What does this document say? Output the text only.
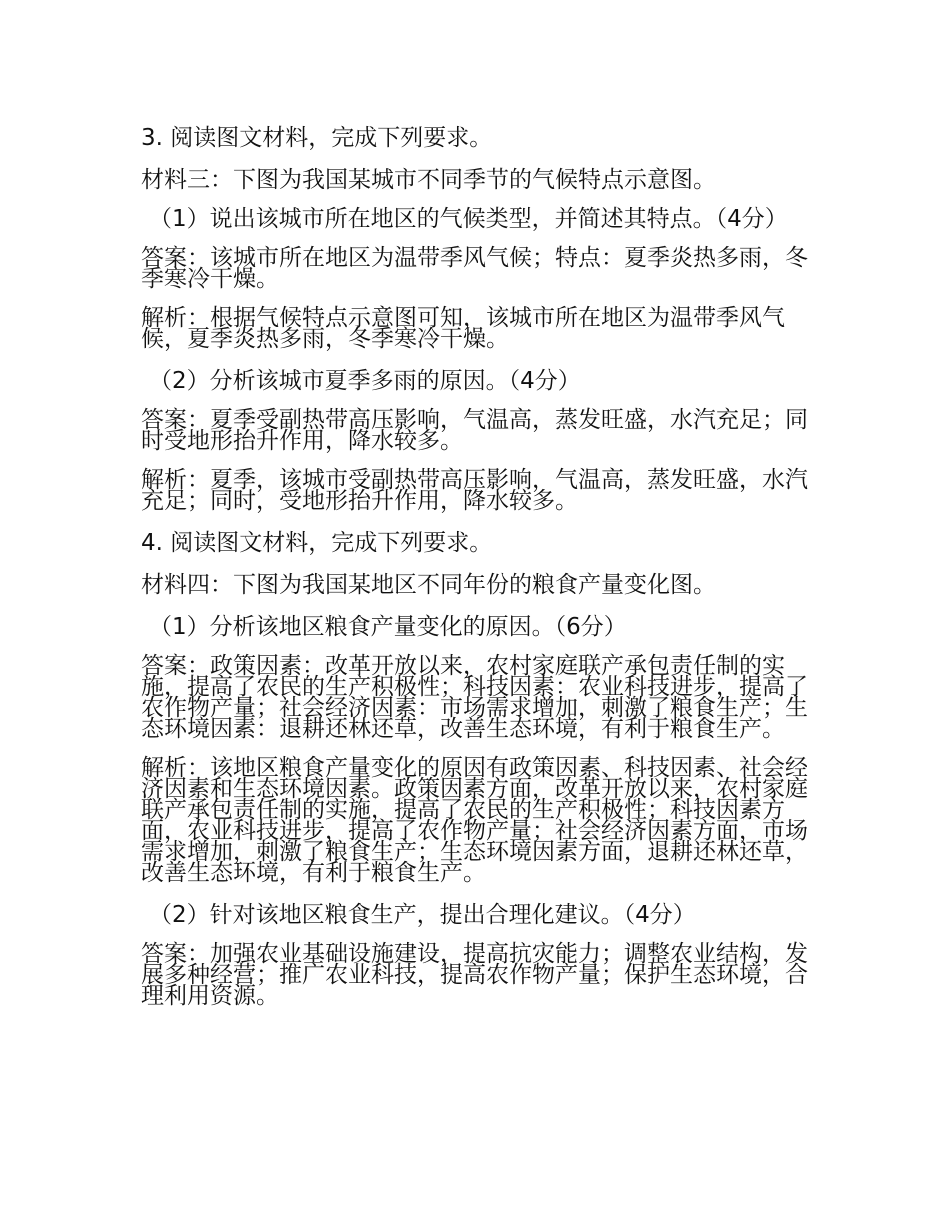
3. 阅读图文材料，完成下列要求。
材料三：下图为我国某城市不同季节的气候特点示意图。
（1）说出该城市所在地区的气候类型，并简述其特点。（4分）
答案：该城市所在地区为温带季风气候；特点：夏季炎热多雨，冬季寒冷干燥。
解析：根据气候特点示意图可知，该城市所在地区为温带季风气候，夏季炎热多雨，冬季寒冷干燥。
（2）分析该城市夏季多雨的原因。（4分）
答案：夏季受副热带高压影响，气温高，蒸发旺盛，水汽充足；同时受地形抬升作用，降水较多。
解析：夏季，该城市受副热带高压影响，气温高，蒸发旺盛，水汽充足；同时，受地形抬升作用，降水较多。
4. 阅读图文材料，完成下列要求。
材料四：下图为我国某地区不同年份的粮食产量变化图。
（1）分析该地区粮食产量变化的原因。（6分）
答案：政策因素：改革开放以来，农村家庭联产承包责任制的实施，提高了农民的生产积极性；科技因素：农业科技进步，提高了农作物产量；社会经济因素：市场需求增加，刺激了粮食生产；生态环境因素：退耕还林还草，改善生态环境，有利于粮食生产。
解析：该地区粮食产量变化的原因有政策因素、科技因素、社会经济因素和生态环境因素。政策因素方面，改革开放以来，农村家庭联产承包责任制的实施，提高了农民的生产积极性；科技因素方面，农业科技进步，提高了农作物产量；社会经济因素方面，市场需求增加，刺激了粮食生产；生态环境因素方面，退耕还林还草，改善生态环境，有利于粮食生产。
（2）针对该地区粮食生产，提出合理化建议。（4分）
答案：加强农业基础设施建设，提高抗灾能力；调整农业结构，发展多种经营；推广农业科技，提高农作物产量；保护生态环境，合理利用资源。
